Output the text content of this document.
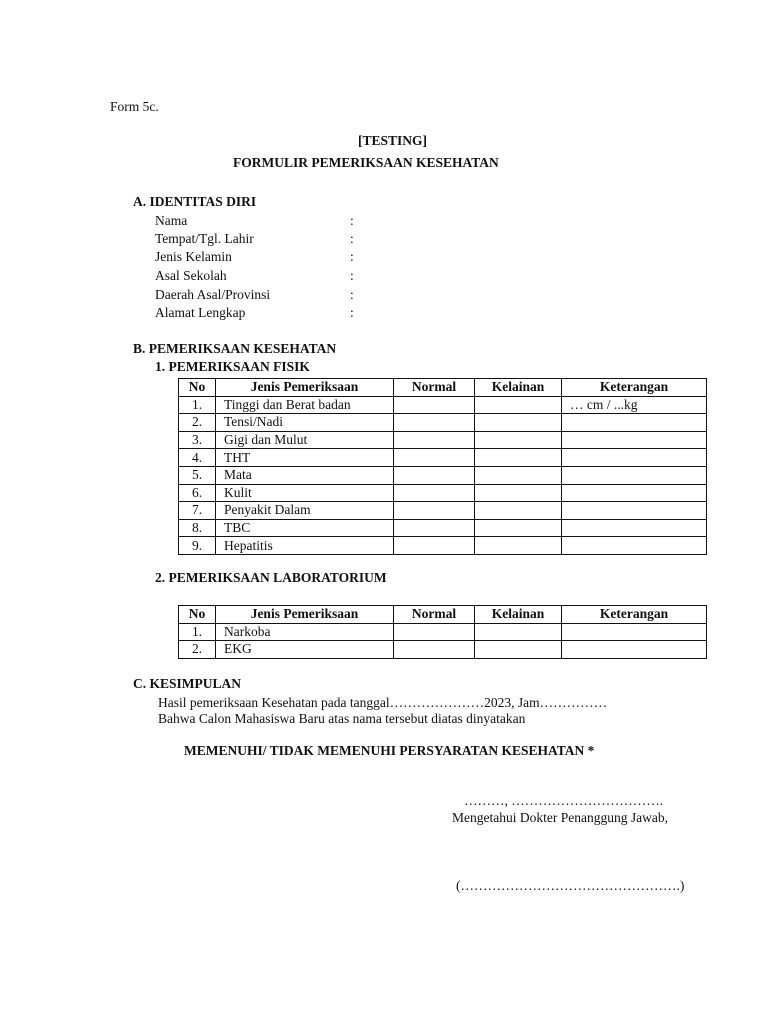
Form 5c.
[TESTING]
FORMULIR PEMERIKSAAN KESEHATAN
A. IDENTITAS DIRI
Nama	:
Tempat/Tgl. Lahir	:
Jenis Kelamin	:
Asal Sekolah	:
Daerah Asal/Provinsi	:
Alamat Lengkap	:
B. PEMERIKSAAN KESEHATAN
1. PEMERIKSAAN FISIK
No	Jenis Pemeriksaan	Normal	Kelainan	Keterangan
1.	Tinggi dan Berat badan			… cm / ...kg
2.	Tensi/Nadi			
3.	Gigi dan Mulut			
4.	THT			
5.	Mata			
6.	Kulit			
7.	Penyakit Dalam			
8.	TBC			
9.	Hepatitis			
2. PEMERIKSAAN LABORATORIUM
No	Jenis Pemeriksaan	Normal	Kelainan	Keterangan
1.	Narkoba			
2.	EKG			
C. KESIMPULAN
Hasil pemeriksaan Kesehatan pada tanggal…………………2023, Jam……………
Bahwa Calon Mahasiswa Baru atas nama tersebut diatas dinyatakan
MEMENUHI/ TIDAK MEMENUHI PERSYARATAN KESEHATAN *
………, …………………………….
Mengetahui Dokter Penanggung Jawab,
(………………………………………….)
